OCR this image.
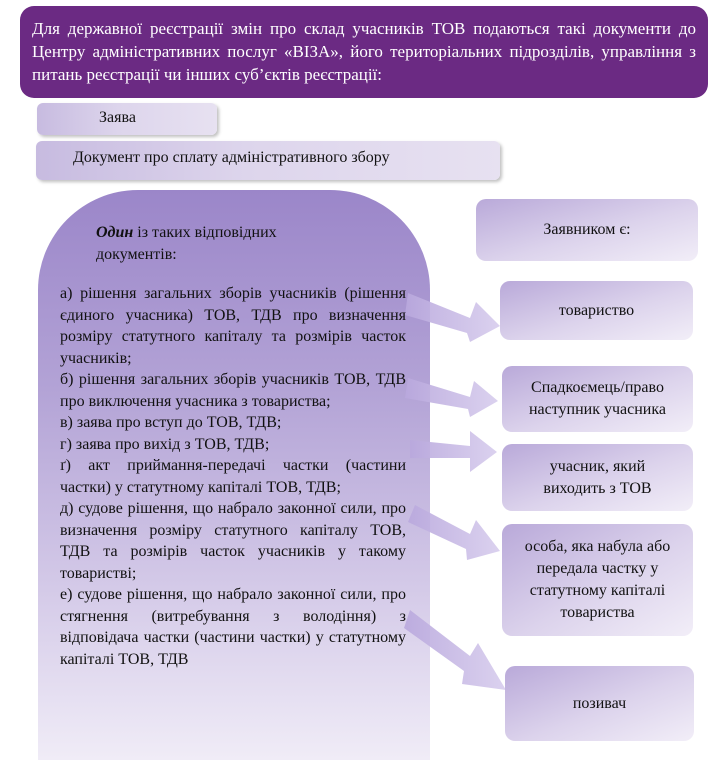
Для державної реєстрації змін про склад учасників ТОВ подаються такі документи до Центру адміністративних послуг «ВІЗА», його територіальних підрозділів, управління з питань реєстрації чи інших суб’єктів реєстрації:
Заява
Документ про сплату адміністративного збору
Один із таких відповідних документів:

а) рішення загальних зборів учасників (рішення єдиного учасника) ТОВ, ТДВ про визначення розміру статутного капіталу та розмірів часток учасників;

б) рішення загальних зборів учасників ТОВ, ТДВ про виключення учасника з товариства;

в) заява про вступ до ТОВ, ТДВ;

г) заява про вихід з ТОВ, ТДВ;

ґ) акт приймання-передачі частки (частини частки) у статутному капіталі ТОВ, ТДВ;

д) судове рішення, що набрало законної сили, про визначення розміру статутного капіталу ТОВ, ТДВ та розмірів часток учасників у такому товаристві;

е) судове рішення, що набрало законної сили, про стягнення (витребування з володіння) з відповідача частки (частини частки) у статутному капіталі ТОВ, ТДВ

Заявником є:
товариство
Спадкоємець/право наступник учасника
учасник, який виходить з ТОВ
особа, яка набула або передала частку у статутному капіталі товариства
позивач
